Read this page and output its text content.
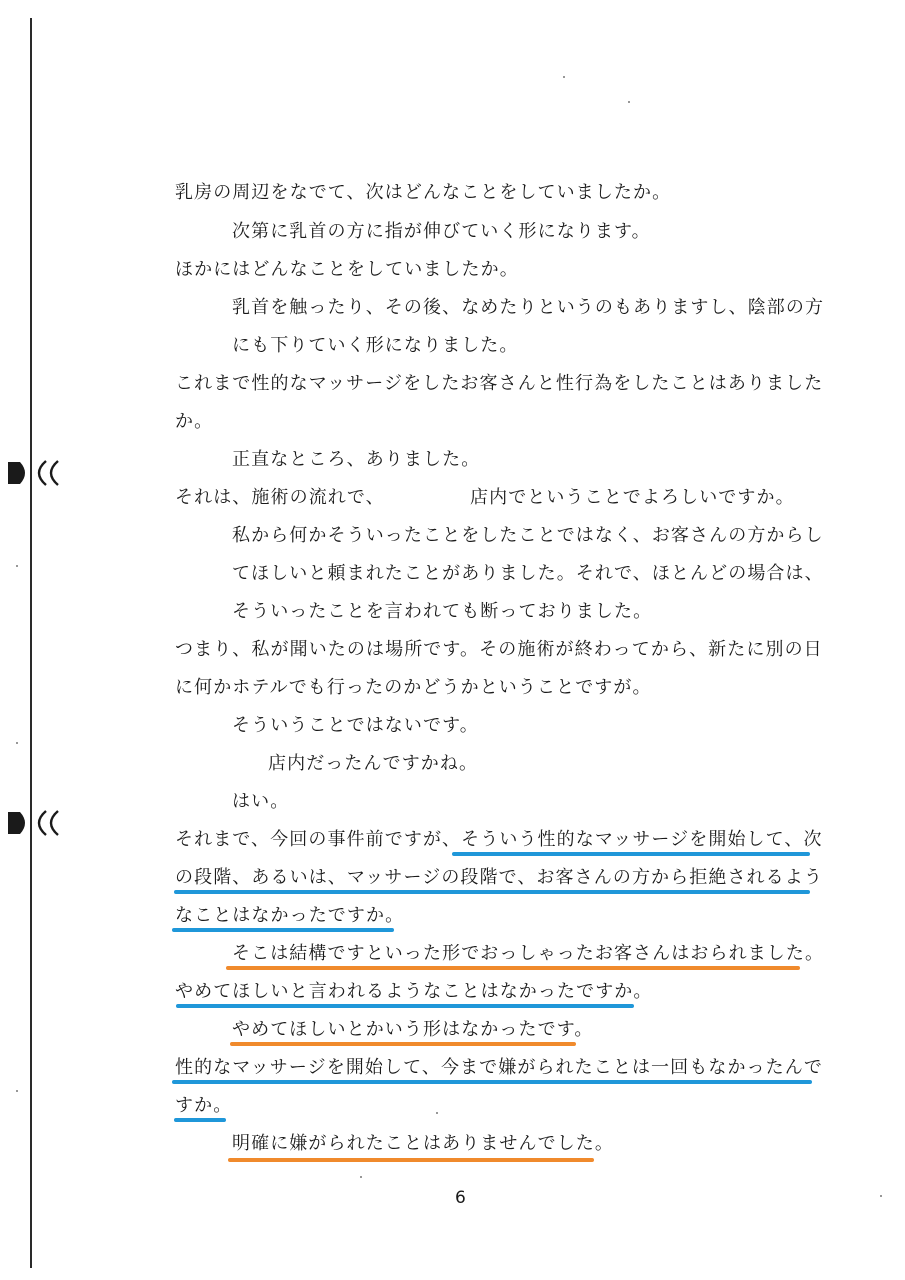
乳房の周辺をなでて、次はどんなことをしていましたか。
次第に乳首の方に指が伸びていく形になります。
ほかにはどんなことをしていましたか。
乳首を触ったり、その後、なめたりというのもありますし、陰部の方
にも下りていく形になりました。
これまで性的なマッサージをしたお客さんと性行為をしたことはありました
か。
正直なところ、ありました。
それは、施術の流れで、	店内でということでよろしいですか。
私から何かそういったことをしたことではなく、お客さんの方からし
てほしいと頼まれたことがありました。それで、ほとんどの場合は、
そういったことを言われても断っておりました。
つまり、私が聞いたのは場所です。その施術が終わってから、新たに別の日
に何かホテルでも行ったのかどうかということですが。
そういうことではないです。
店内だったんですかね。
はい。
それまで、今回の事件前ですが、そういう性的なマッサージを開始して、次
の段階、あるいは、マッサージの段階で、お客さんの方から拒絶されるよう
なことはなかったですか。
そこは結構ですといった形でおっしゃったお客さんはおられました。
やめてほしいと言われるようなことはなかったですか。
やめてほしいとかいう形はなかったです。
性的なマッサージを開始して、今まで嫌がられたことは一回もなかったんで
すか。
明確に嫌がられたことはありませんでした。
6
